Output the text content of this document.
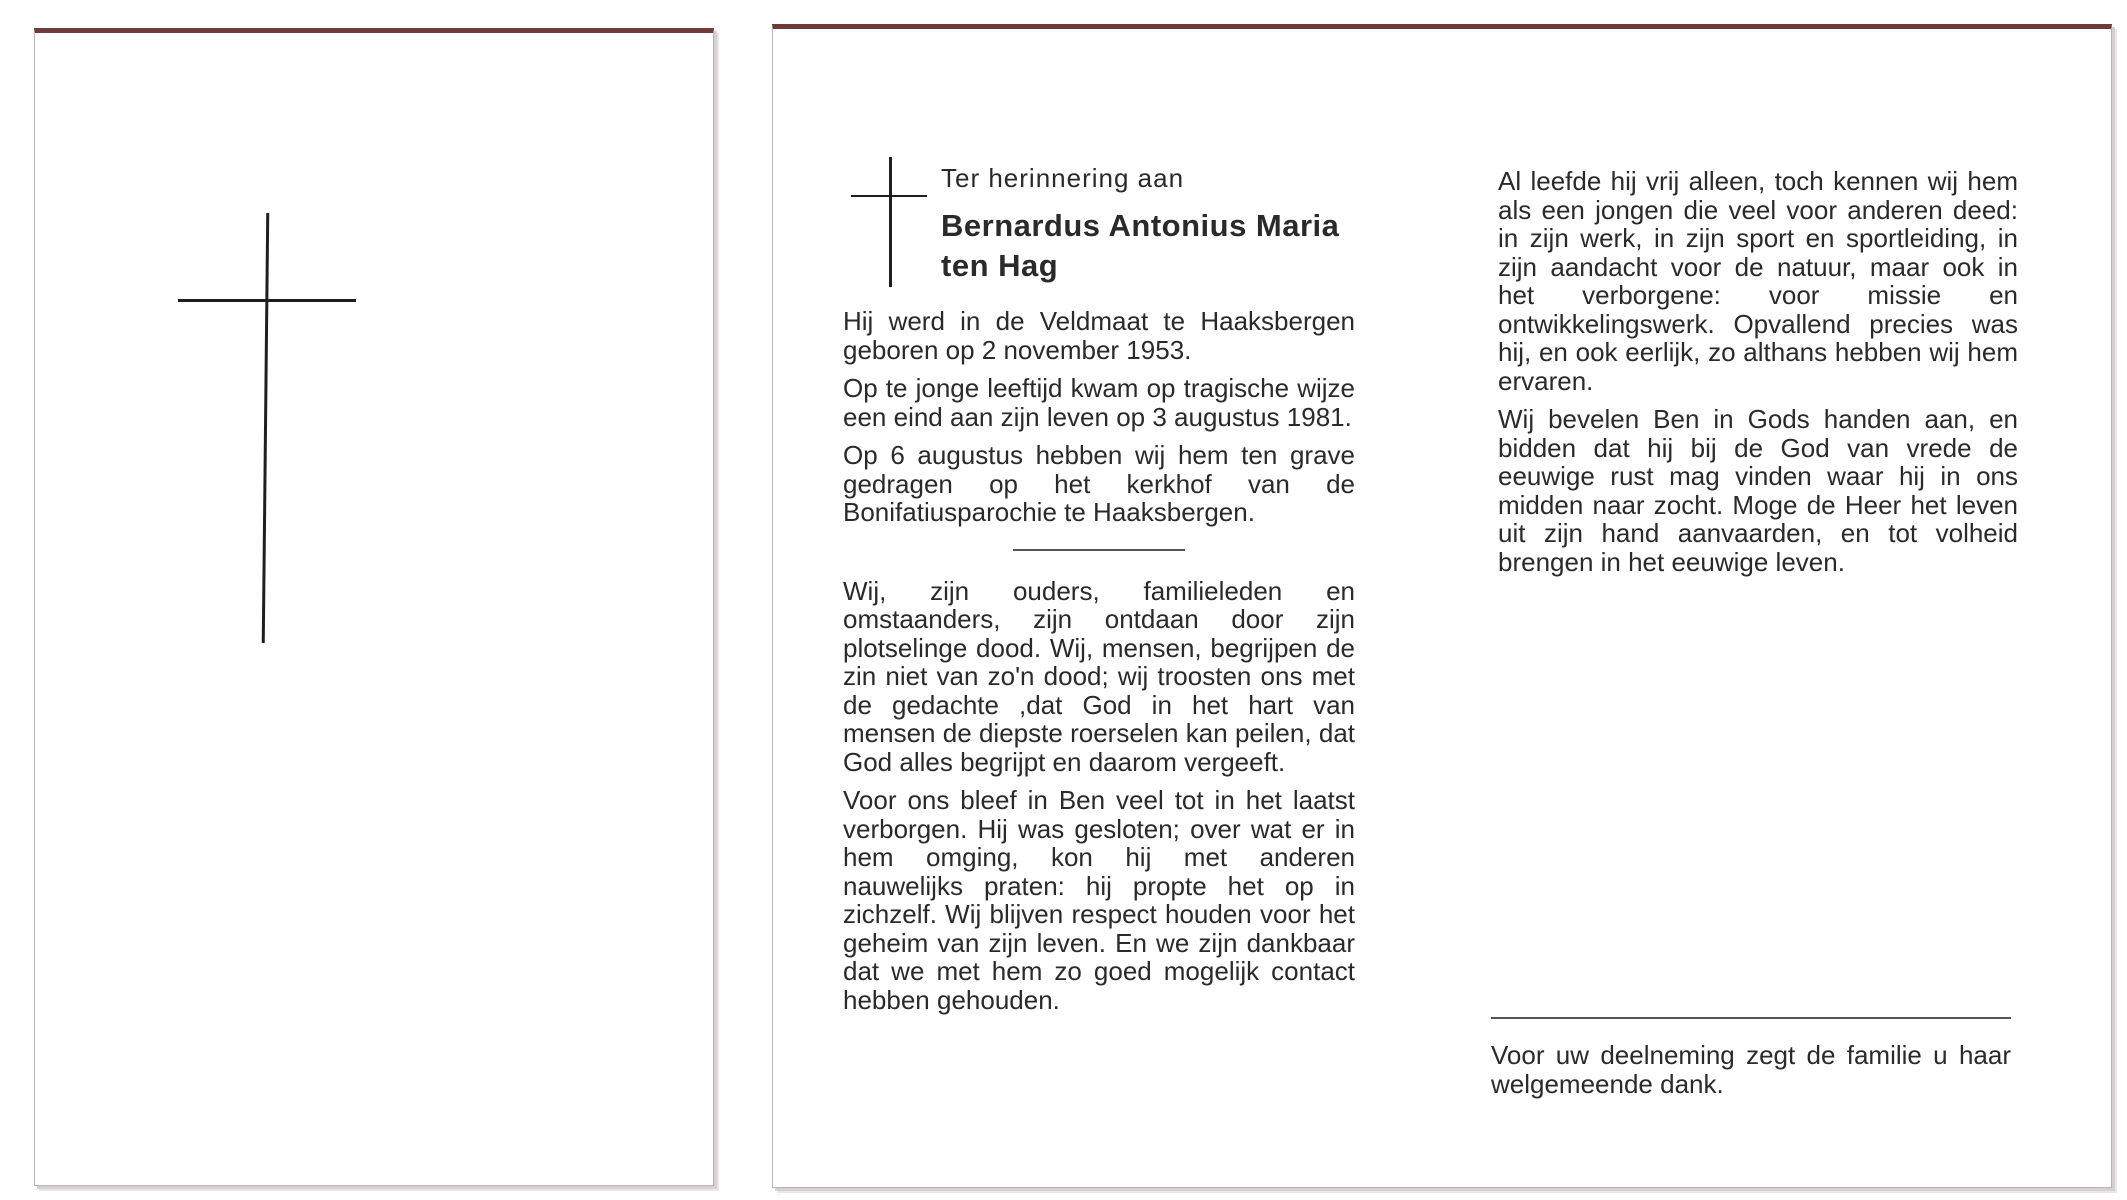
Ter herinnering aan
Bernardus Antonius Maria ten Hag

Hij werd in de Veldmaat te Haaksbergen geboren op 2 november 1953.

Op te jonge leeftijd kwam op tragische wijze een eind aan zijn leven op 3 augustus 1981.

Op 6 augustus hebben wij hem ten grave gedragen op het kerkhof van de Bonifatiusparochie te Haaksbergen.

Wij, zijn ouders, familieleden en omstaanders, zijn ontdaan door zijn plotselinge dood. Wij, mensen, begrijpen de zin niet van zo'n dood; wij troosten ons met de gedachte ,dat God in het hart van mensen de diepste roerselen kan peilen, dat God alles begrijpt en daarom vergeeft.

Voor ons bleef in Ben veel tot in het laatst verborgen. Hij was gesloten; over wat er in hem omging, kon hij met anderen nauwelijks praten: hij propte het op in zichzelf. Wij blijven respect houden voor het geheim van zijn leven. En we zijn dankbaar dat we met hem zo goed mogelijk contact hebben gehouden.

Al leefde hij vrij alleen, toch kennen wij hem als een jongen die veel voor anderen deed: in zijn werk, in zijn sport en sportleiding, in zijn aandacht voor de natuur, maar ook in het verborgene: voor missie en ontwikkelingswerk. Opvallend precies was hij, en ook eerlijk, zo althans hebben wij hem ervaren.

Wij bevelen Ben in Gods handen aan, en bidden dat hij bij de God van vrede de eeuwige rust mag vinden waar hij in ons midden naar zocht. Moge de Heer het leven uit zijn hand aanvaarden, en tot volheid brengen in het eeuwige leven.

Voor uw deelneming zegt de familie u haar welgemeende dank.
